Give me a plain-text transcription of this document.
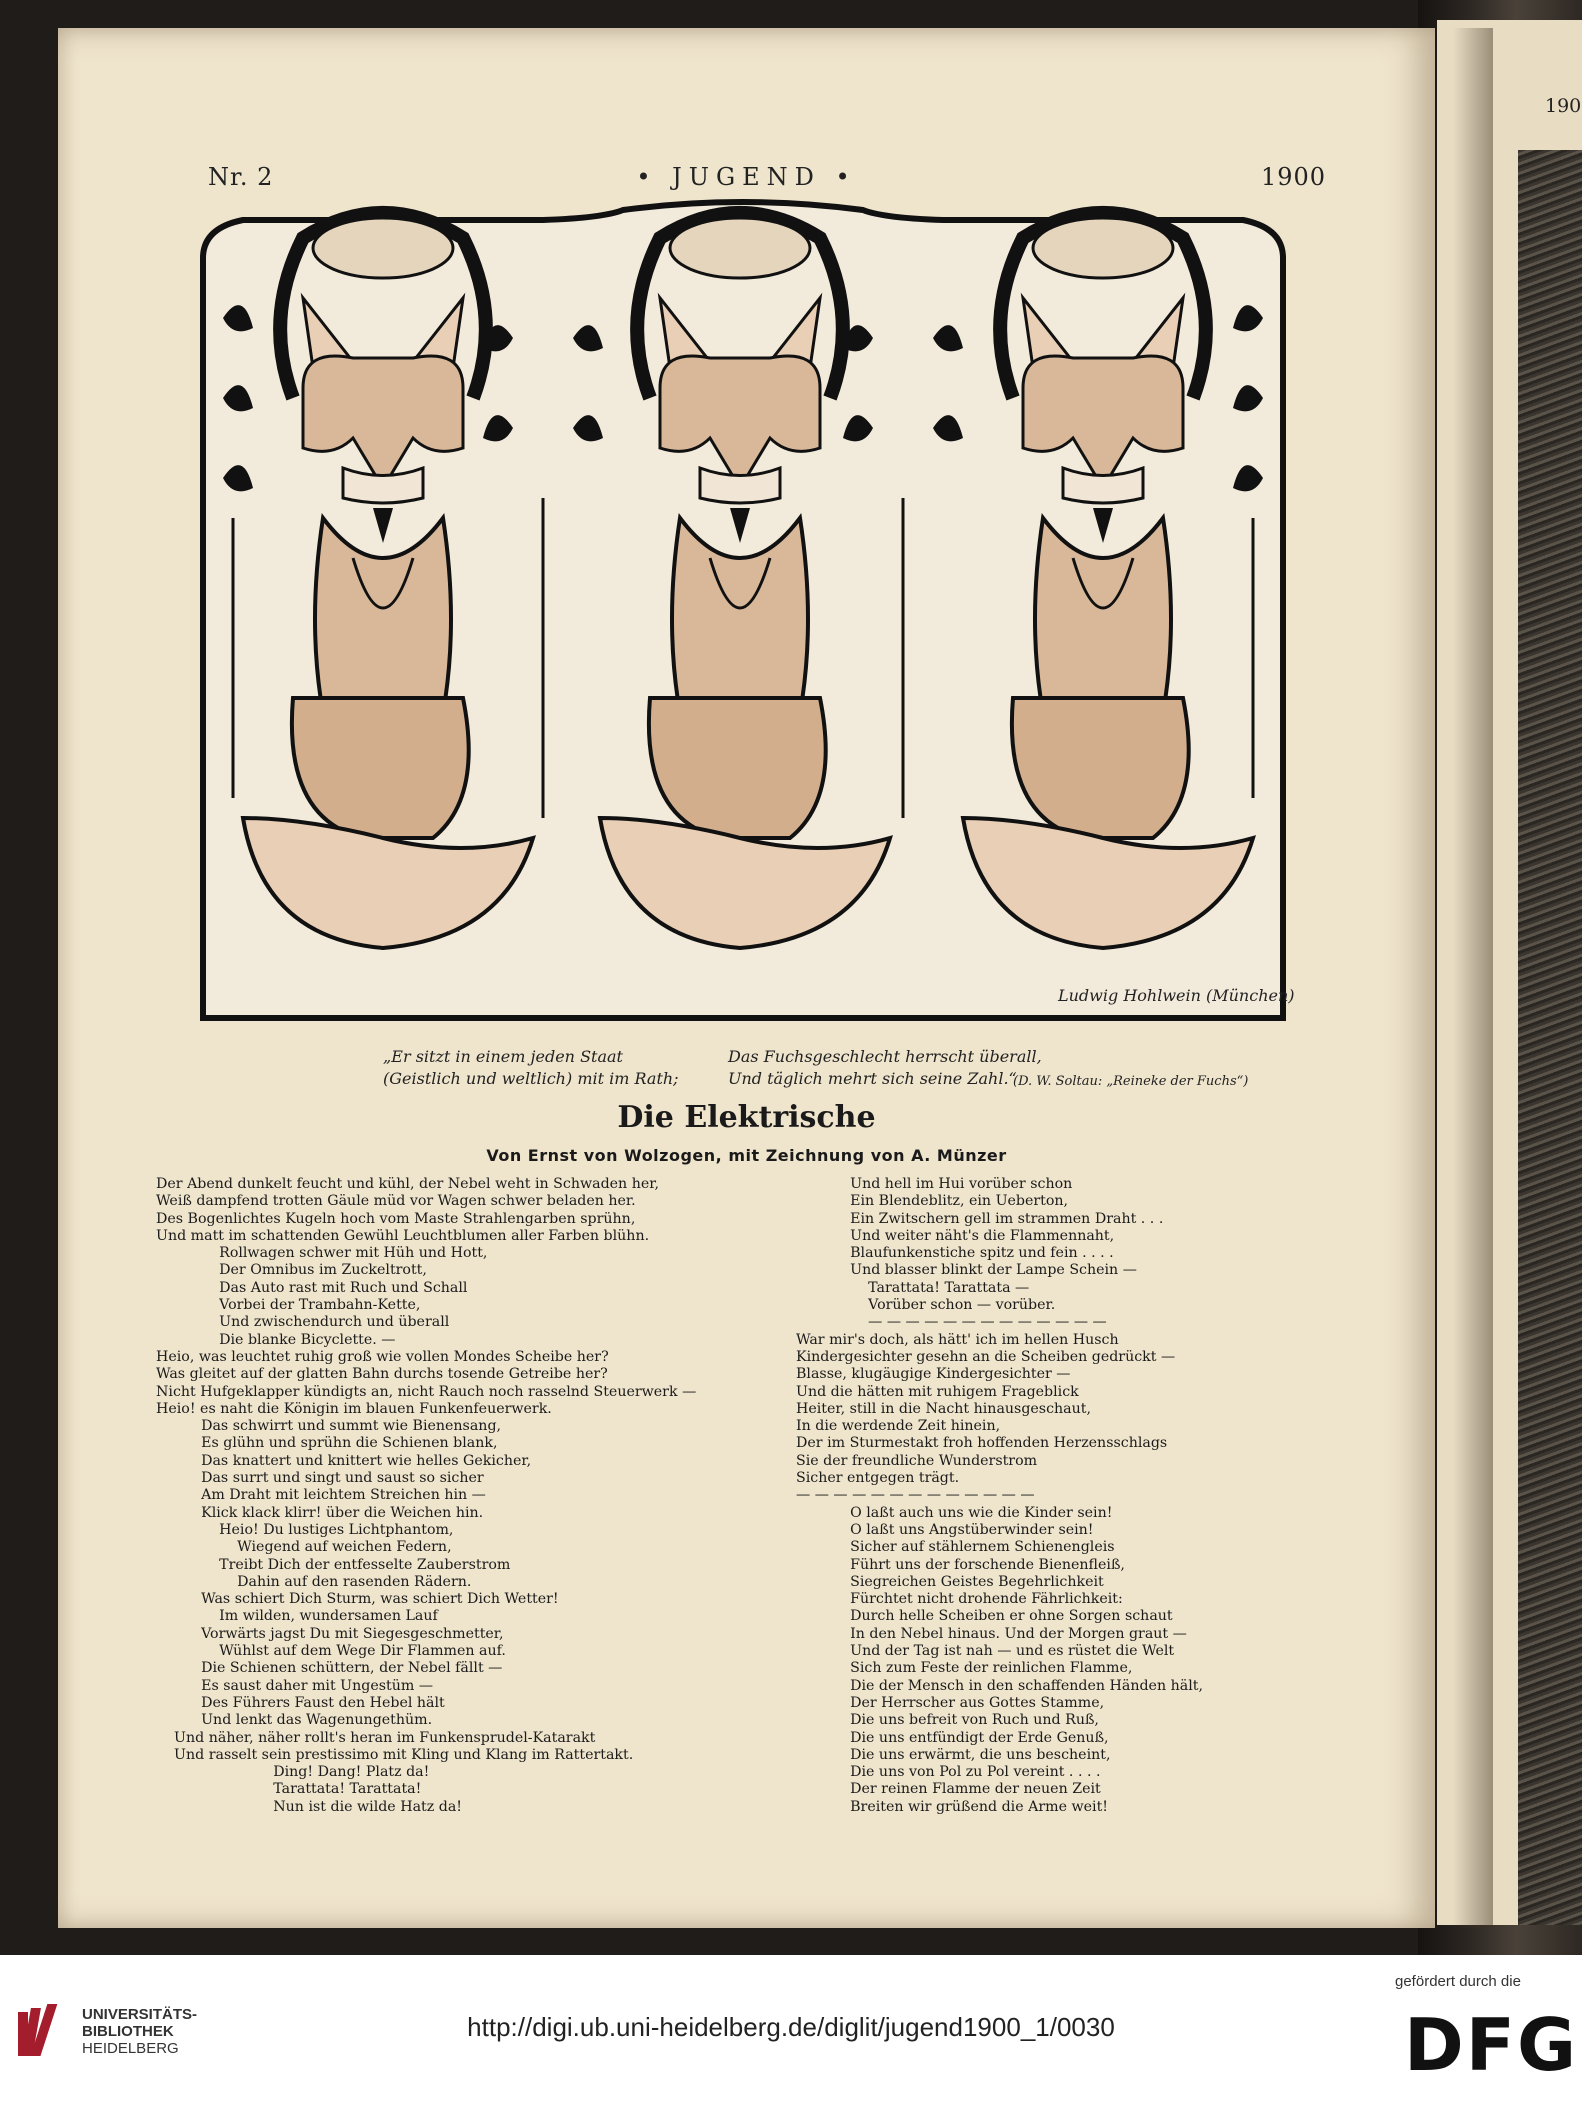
190
Nr. 2	• JUGEND •	1900
Ludwig Hohlwein (München)
„Er sitzt in einem jeden Staat
(Geistlich und weltlich) mit im Rath;
Das Fuchsgeschlecht herrscht überall,
Und täglich mehrt sich seine Zahl.“
(D. W. Soltau: „Reineke der Fuchs“)
Die Elektrische
Von Ernst von Wolzogen, mit Zeichnung von A. Münzer
Der Abend dunkelt feucht und kühl, der Nebel weht in Schwaden her,
Weiß dampfend trotten Gäule müd vor Wagen schwer beladen her.
Des Bogenlichtes Kugeln hoch vom Maste Strahlengarben sprühn,
Und matt im schattenden Gewühl Leuchtblumen aller Farben blühn.
Rollwagen schwer mit Hüh und Hott,
Der Omnibus im Zuckeltrott,
Das Auto rast mit Ruch und Schall
Vorbei der Trambahn-Kette,
Und zwischendurch und überall
Die blanke Bicyclette. —
Heio, was leuchtet ruhig groß wie vollen Mondes Scheibe her?
Was gleitet auf der glatten Bahn durchs tosende Getreibe her?
Nicht Hufgeklapper kündigts an, nicht Rauch noch rasselnd Steuerwerk —
Heio! es naht die Königin im blauen Funkenfeuerwerk.
Das schwirrt und summt wie Bienensang,
Es glühn und sprühn die Schienen blank,
Das knattert und knittert wie helles Gekicher,
Das surrt und singt und saust so sicher
Am Draht mit leichtem Streichen hin —
Klick klack klirr! über die Weichen hin.
Heio! Du lustiges Lichtphantom,
Wiegend auf weichen Federn,
Treibt Dich der entfesselte Zauberstrom
Dahin auf den rasenden Rädern.
Was schiert Dich Sturm, was schiert Dich Wetter!
Im wilden, wundersamen Lauf
Vorwärts jagst Du mit Siegesgeschmetter,
Wühlst auf dem Wege Dir Flammen auf.
Die Schienen schüttern, der Nebel fällt —
Es saust daher mit Ungestüm —
Des Führers Faust den Hebel hält
Und lenkt das Wagenungethüm.
Und näher, näher rollt's heran im Funkensprudel-Katarakt
Und rasselt sein prestissimo mit Kling und Klang im Rattertakt.
Ding! Dang! Platz da!
Tarattata! Tarattata!
Nun ist die wilde Hatz da!
Und hell im Hui vorüber schon
Ein Blendeblitz, ein Ueberton,
Ein Zwitschern gell im strammen Draht . . .
Und weiter näht's die Flammennaht,
Blaufunkenstiche spitz und fein . . . .
Und blasser blinkt der Lampe Schein —
Tarattata! Tarattata —
Vorüber schon — vorüber.
— — — — — — — — — — — — —
War mir's doch, als hätt' ich im hellen Husch
Kindergesichter gesehn an die Scheiben gedrückt —
Blasse, klugäugige Kindergesichter —
Und die hätten mit ruhigem Frageblick
Heiter, still in die Nacht hinausgeschaut,
In die werdende Zeit hinein,
Der im Sturmestakt froh hoffenden Herzensschlags
Sie der freundliche Wunderstrom
Sicher entgegen trägt.
— — — — — — — — — — — — —
O laßt auch uns wie die Kinder sein!
O laßt uns Angstüberwinder sein!
Sicher auf stählernem Schienengleis
Führt uns der forschende Bienenfleiß,
Siegreichen Geistes Begehrlichkeit
Fürchtet nicht drohende Fährlichkeit:
Durch helle Scheiben er ohne Sorgen schaut
In den Nebel hinaus. Und der Morgen graut —
Und der Tag ist nah — und es rüstet die Welt
Sich zum Feste der reinlichen Flamme,
Die der Mensch in den schaffenden Händen hält,
Der Herrscher aus Gottes Stamme,
Die uns befreit von Ruch und Ruß,
Die uns entfündigt der Erde Genuß,
Die uns erwärmt, die uns bescheint,
Die uns von Pol zu Pol vereint . . . .
Der reinen Flamme der neuen Zeit
Breiten wir grüßend die Arme weit!
UNIVERSITÄTS-
BIBLIOTHEK
HEIDELBERG
http://digi.ub.uni-heidelberg.de/diglit/jugend1900_1/0030
gefördert durch die
DFG
